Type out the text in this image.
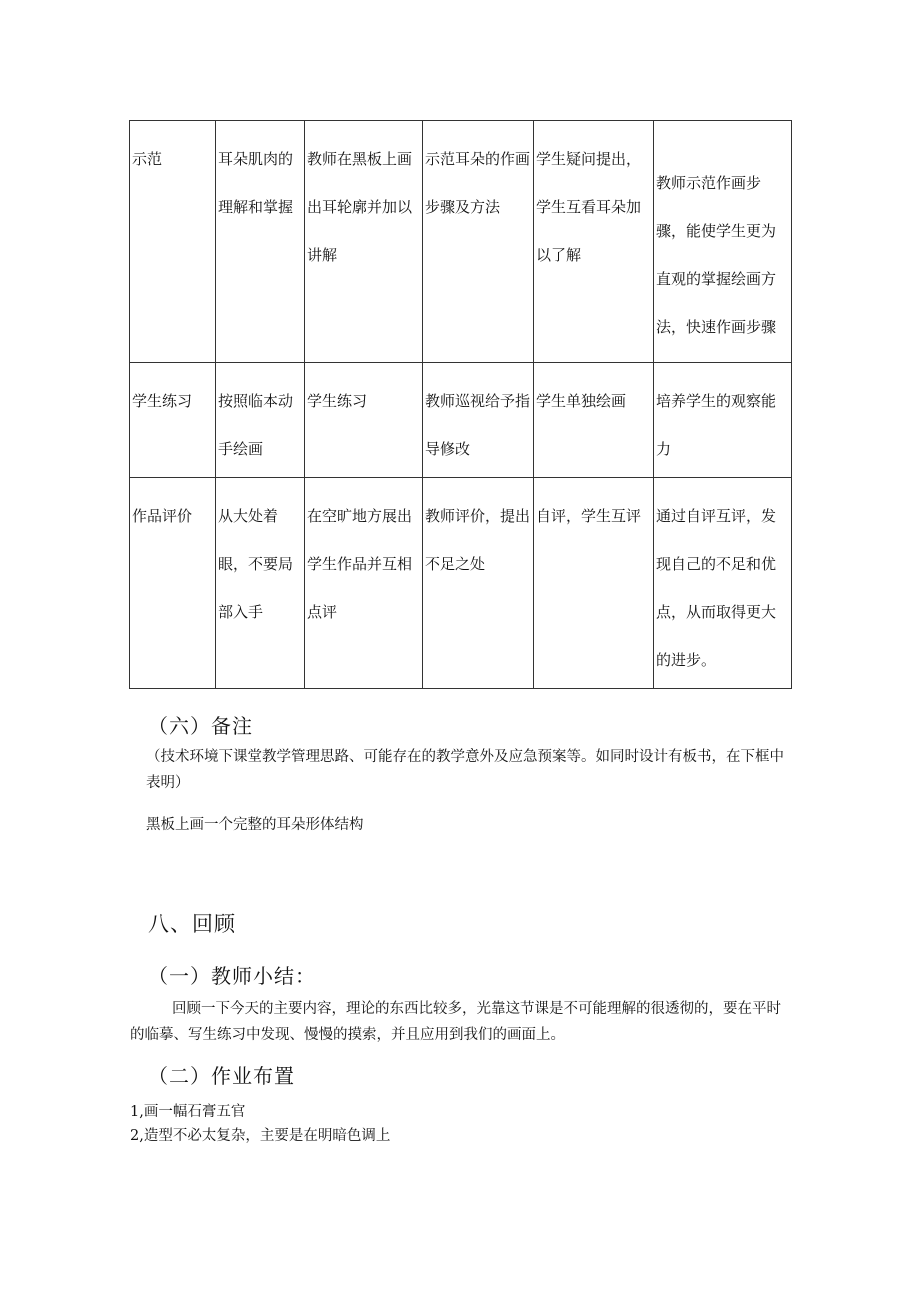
示范	耳朵肌肉的理解和掌握	教师在黑板上画出耳轮廓并加以讲解	示范耳朵的作画步骤及方法	学生疑问提出，学生互看耳朵加以了解	教师示范作画步骤，能使学生更为直观的掌握绘画方法，快速作画步骤

学生练习	按照临本动手绘画	学生练习	教师巡视给予指导修改	学生单独绘画	培养学生的观察能力

作品评价	从大处着眼，不要局部入手	在空旷地方展出学生作品并互相点评	教师评价，提出不足之处	自评，学生互评	通过自评互评，发现自己的不足和优点，从而取得更大的进步。
（六）备注
（技术环境下课堂教学管理思路、可能存在的教学意外及应急预案等。如同时设计有板书，在下框中表明）
黑板上画一个完整的耳朵形体结构
八、回顾
（一）教师小结：
回顾一下今天的主要内容，理论的东西比较多，光靠这节课是不可能理解的很透彻的，要在平时的临摹、写生练习中发现、慢慢的摸索，并且应用到我们的画面上。
（二）作业布置
1,画一幅石膏五官
2,造型不必太复杂，主要是在明暗色调上
